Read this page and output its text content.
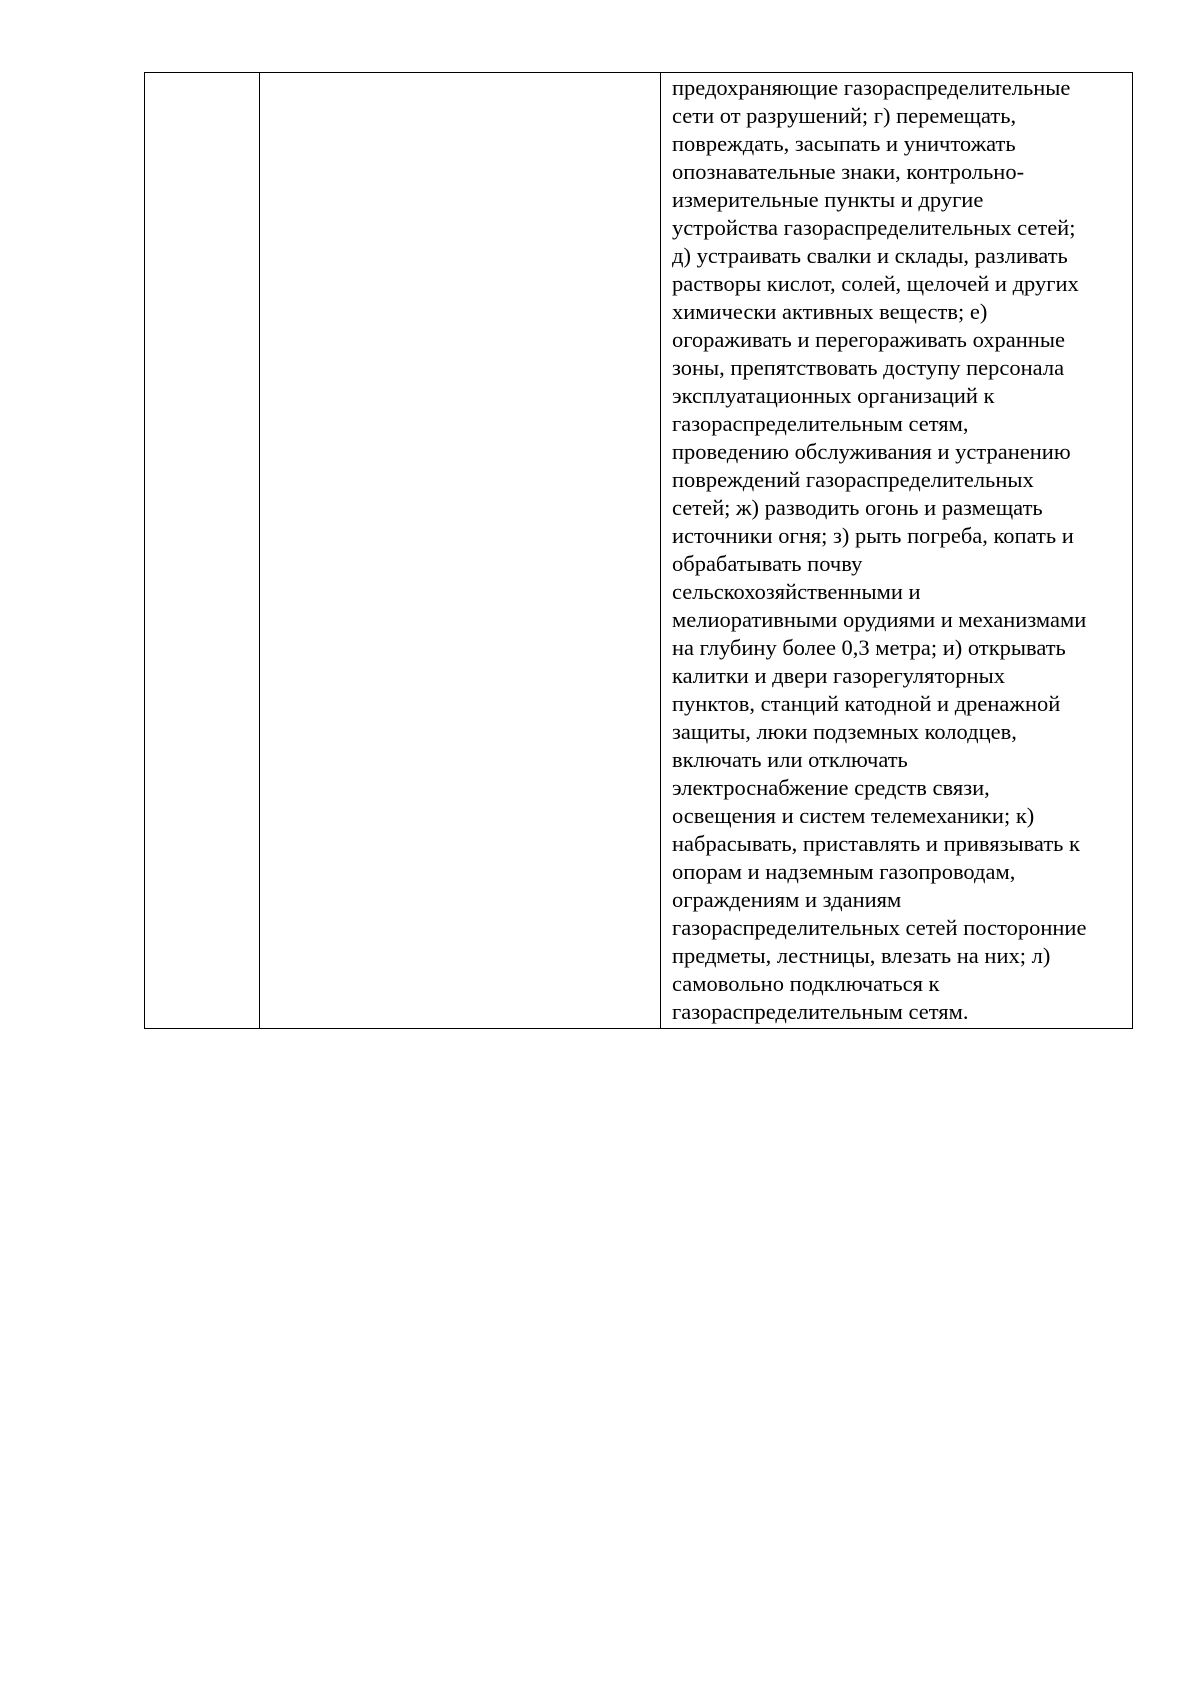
предохраняющие газораспределительные
сети от разрушений; г) перемещать,
повреждать, засыпать и уничтожать
опознавательные знаки, контрольно-
измерительные пункты и другие
устройства газораспределительных сетей;
д) устраивать свалки и склады, разливать
растворы кислот, солей, щелочей и других
химически активных веществ; е)
огораживать и перегораживать охранные
зоны, препятствовать доступу персонала
эксплуатационных организаций к
газораспределительным сетям,
проведению обслуживания и устранению
повреждений газораспределительных
сетей; ж) разводить огонь и размещать
источники огня; з) рыть погреба, копать и
обрабатывать почву
сельскохозяйственными и
мелиоративными орудиями и механизмами
на глубину более 0,3 метра; и) открывать
калитки и двери газорегуляторных
пунктов, станций катодной и дренажной
защиты, люки подземных колодцев,
включать или отключать
электроснабжение средств связи,
освещения и систем телемеханики; к)
набрасывать, приставлять и привязывать к
опорам и надземным газопроводам,
ограждениям и зданиям
газораспределительных сетей посторонние
предметы, лестницы, влезать на них; л)
самовольно подключаться к
газораспределительным сетям.
